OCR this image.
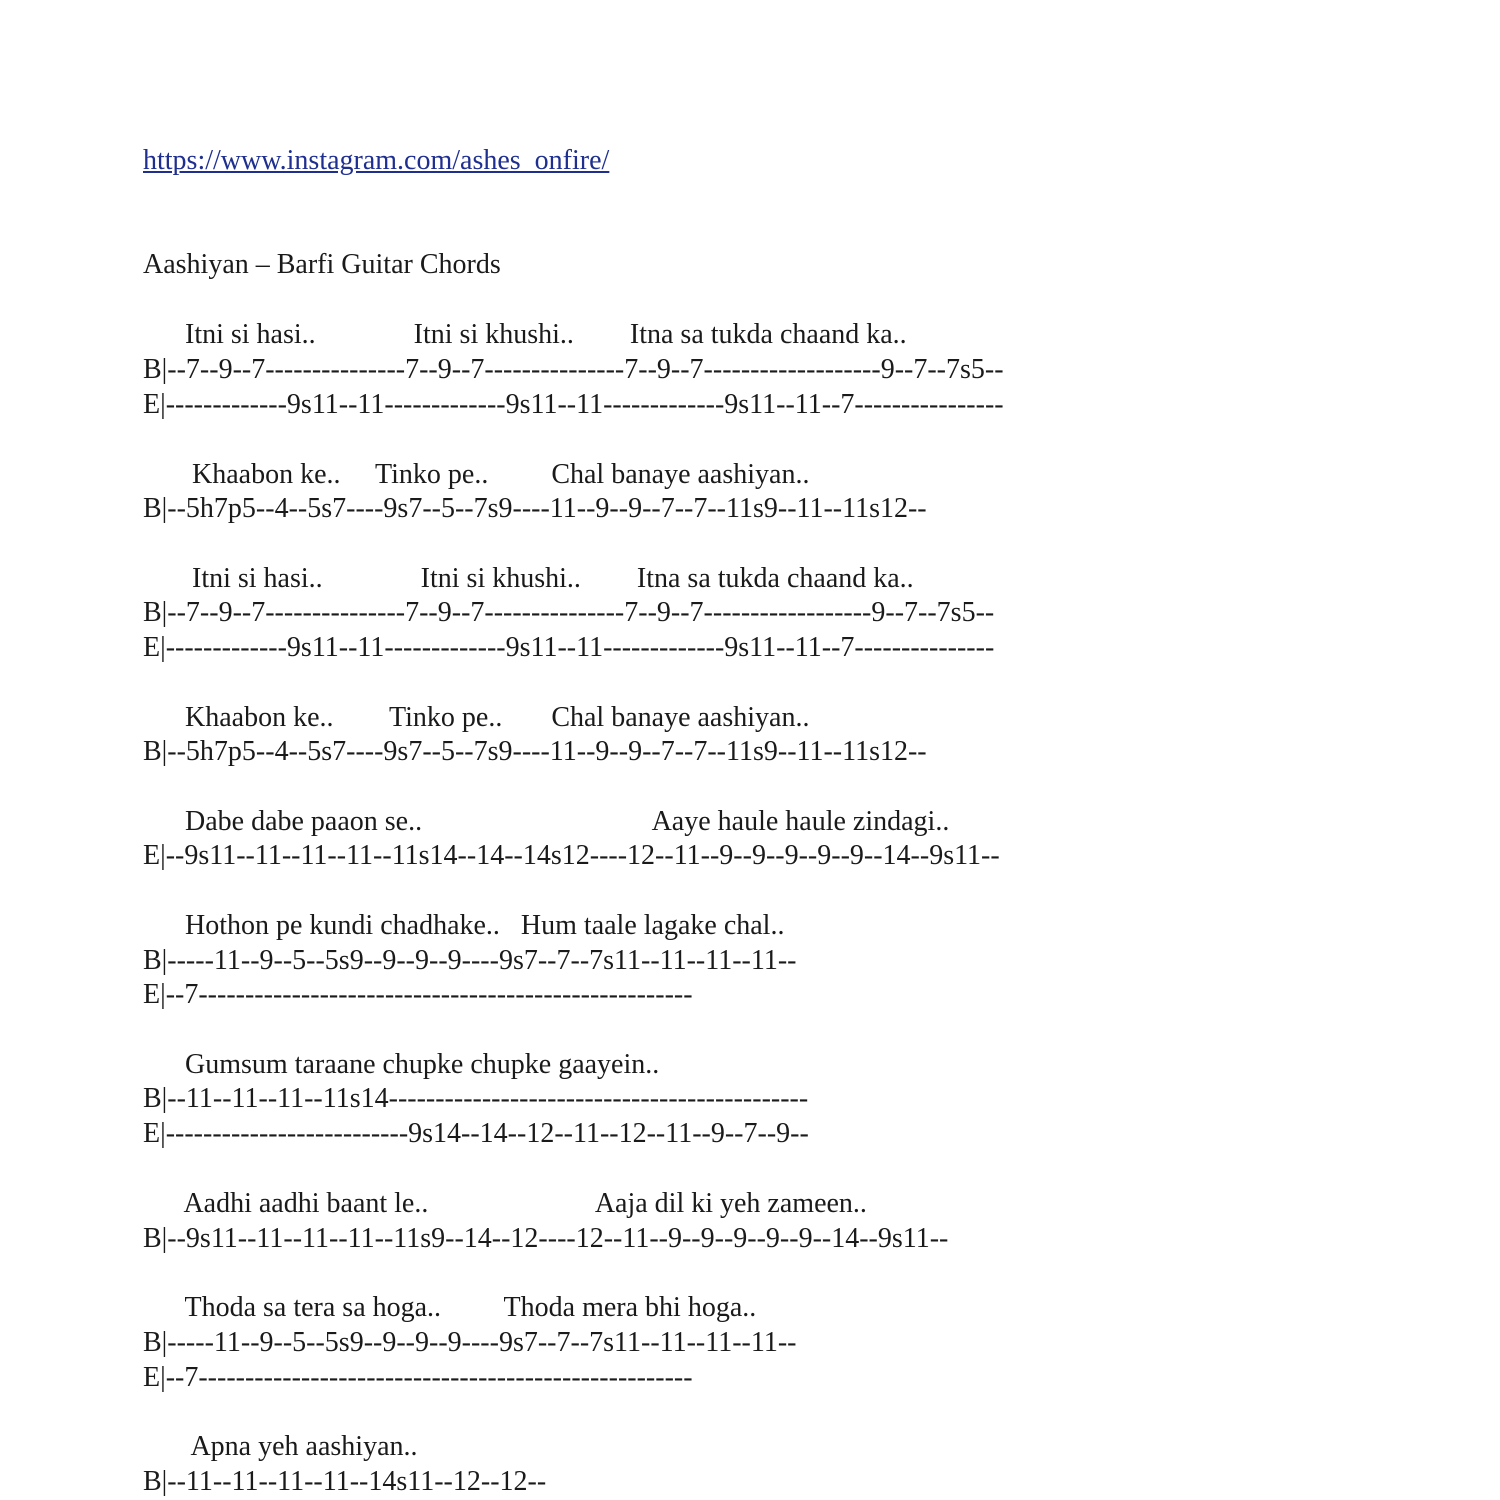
https://www.instagram.com/ashes_onfire/
Aashiyan – Barfi Guitar Chords
Itni si hasi..              Itni si khushi..        Itna sa tukda chaand ka..
B|--7--9--7---------------7--9--7---------------7--9--7-------------------9--7--7s5--
E|-------------9s11--11-------------9s11--11-------------9s11--11--7----------------
Khaabon ke..     Tinko pe..         Chal banaye aashiyan..
B|--5h7p5--4--5s7----9s7--5--7s9----11--9--9--7--7--11s9--11--11s12--
Itni si hasi..              Itni si khushi..        Itna sa tukda chaand ka..
B|--7--9--7---------------7--9--7---------------7--9--7------------------9--7--7s5--
E|-------------9s11--11-------------9s11--11-------------9s11--11--7---------------
Khaabon ke..        Tinko pe..       Chal banaye aashiyan..
B|--5h7p5--4--5s7----9s7--5--7s9----11--9--9--7--7--11s9--11--11s12--
Dabe dabe paaon se..                                 Aaye haule haule zindagi..
E|--9s11--11--11--11--11s14--14--14s12----12--11--9--9--9--9--9--14--9s11--
Hothon pe kundi chadhake..   Hum taale lagake chal..
B|-----11--9--5--5s9--9--9--9----9s7--7--7s11--11--11--11--
E|--7-----------------------------------------------------
Gumsum taraane chupke chupke gaayein..
B|--11--11--11--11s14---------------------------------------------
E|--------------------------9s14--14--12--11--12--11--9--7--9--
Aadhi aadhi baant le..                        Aaja dil ki yeh zameen..
B|--9s11--11--11--11--11s9--14--12----12--11--9--9--9--9--9--14--9s11--
Thoda sa tera sa hoga..         Thoda mera bhi hoga..
B|-----11--9--5--5s9--9--9--9----9s7--7--7s11--11--11--11--
E|--7-----------------------------------------------------
Apna yeh aashiyan..
B|--11--11--11--11--14s11--12--12--
